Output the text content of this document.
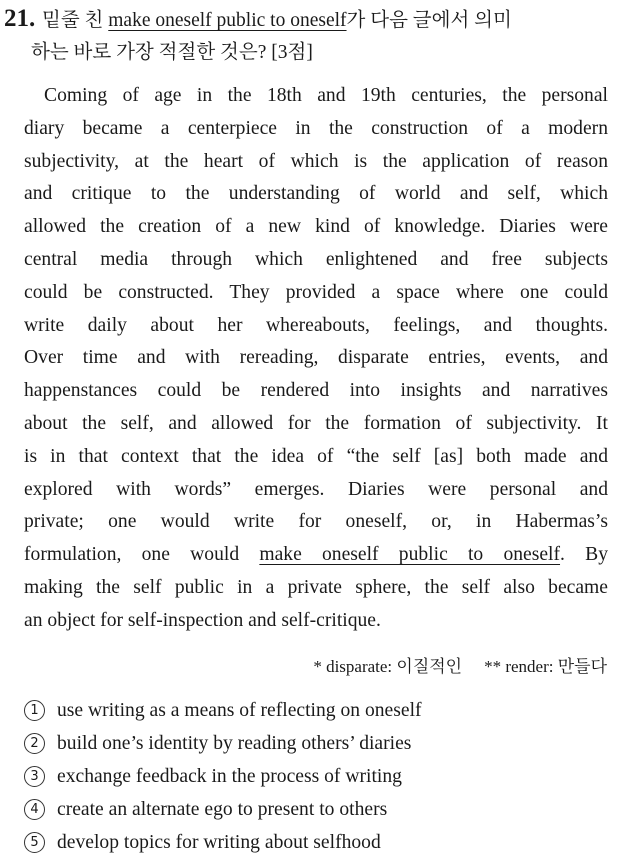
21. 밑줄 친 make oneself public to oneself가 다음 글에서 의미
하는 바로 가장 적절한 것은? [3점]
Coming of age in the 18th and 19th centuries, the personal
diary became a centerpiece in the construction of a modern
subjectivity, at the heart of which is the application of reason
and critique to the understanding of world and self, which
allowed the creation of a new kind of knowledge. Diaries were
central media through which enlightened and free subjects
could be constructed. They provided a space where one could
write daily about her whereabouts, feelings, and thoughts.
Over time and with rereading, disparate entries, events, and
happenstances could be rendered into insights and narratives
about the self, and allowed for the formation of subjectivity. It
is in that context that the idea of “the self [as] both made and
explored with words” emerges. Diaries were personal and
private; one would write for oneself, or, in Habermas’s
formulation, one would make oneself public to oneself. By
making the self public in a private sphere, the self also became
an object for self-inspection and self-critique.
* disparate: 이질적인 ** render: 만들다
1 use writing as a means of reflecting on oneself
2 build one’s identity by reading others’ diaries
3 exchange feedback in the process of writing
4 create an alternate ego to present to others
5 develop topics for writing about selfhood
